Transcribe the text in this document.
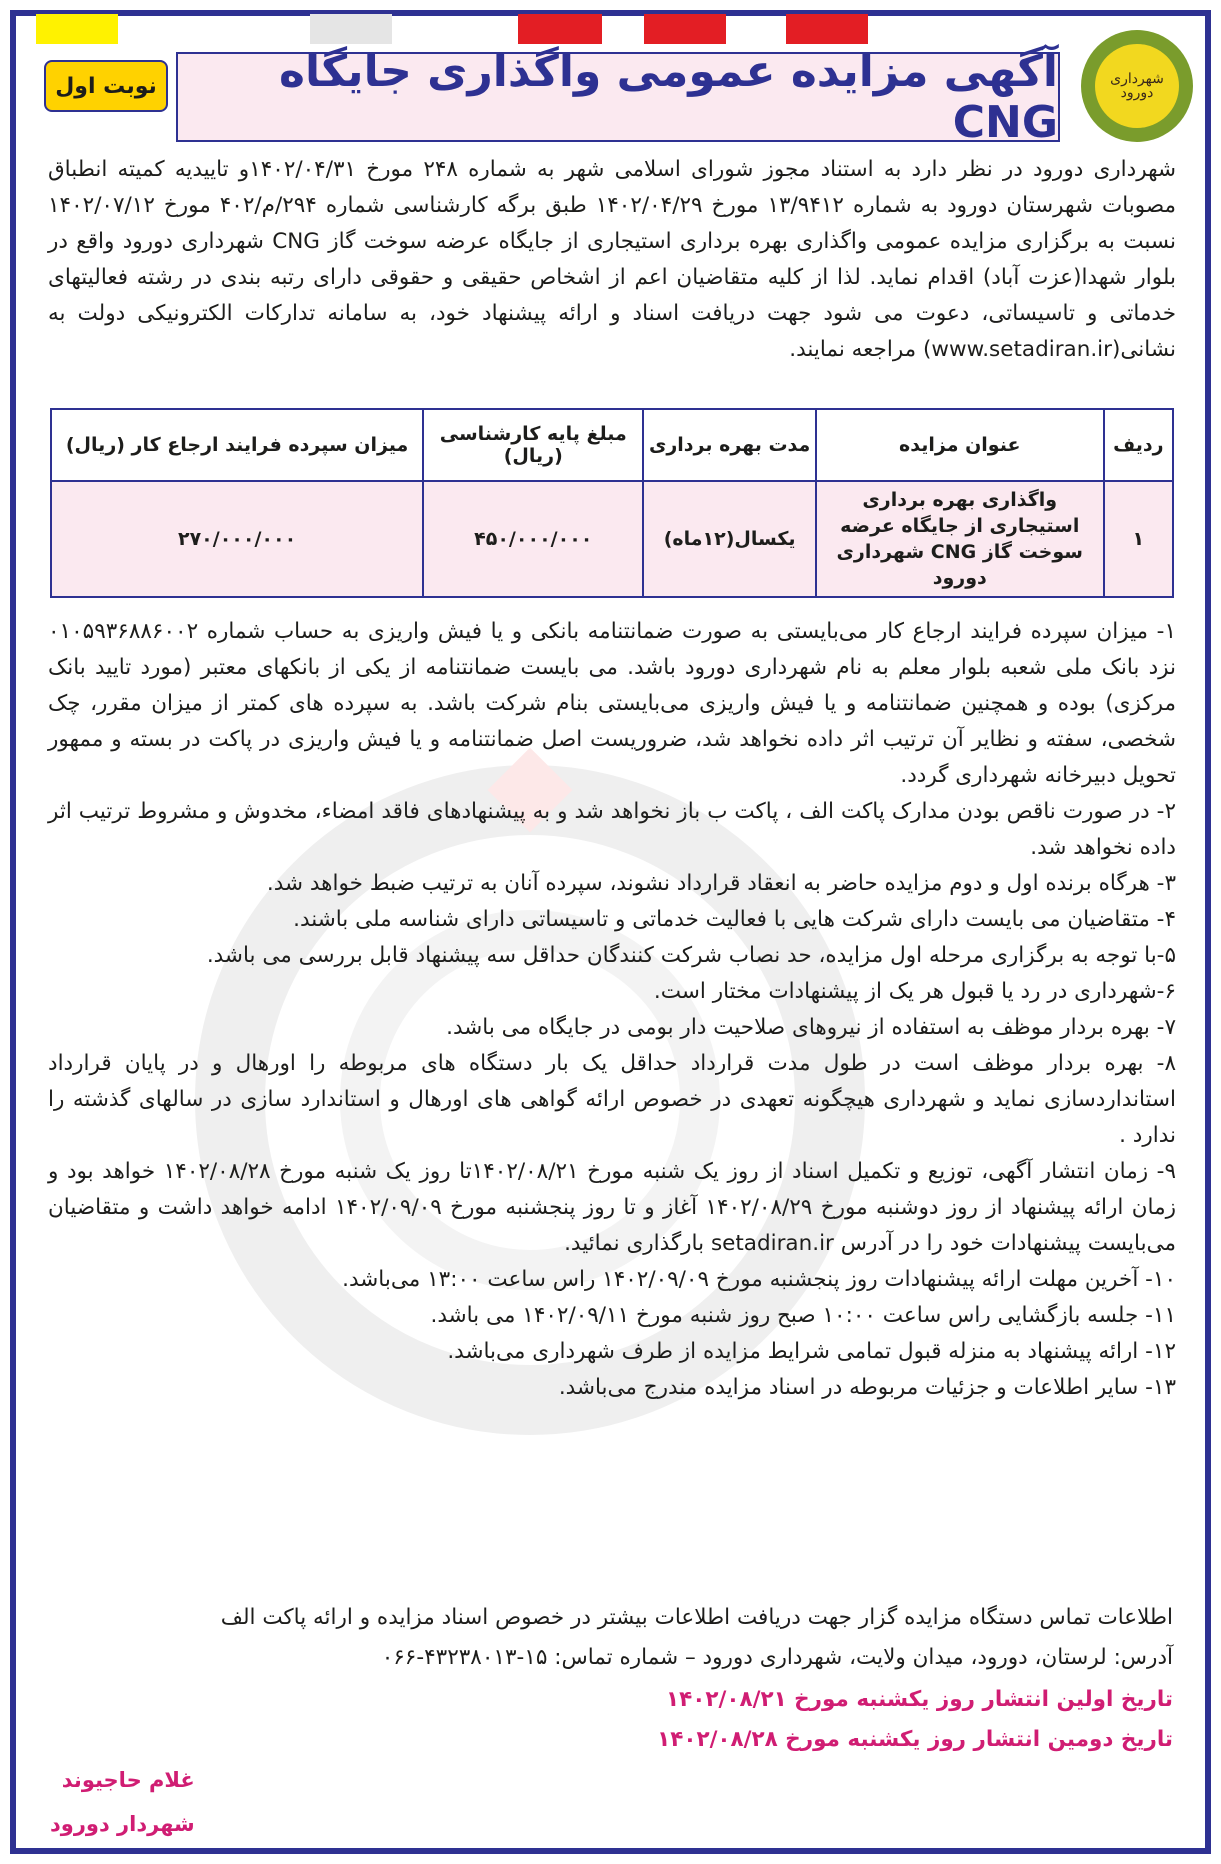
شهرداری دورود
نوبت اول	آگهی مزایده عمومی واگذاری جایگاه CNG
شهرداری دورود در نظر دارد به استناد مجوز شورای اسلامی شهر به شماره ۲۴۸ مورخ ۱۴۰۲/۰۴/۳۱و تاییدیه کمیته انطباق مصوبات شهرستان دورود به شماره ۱۳/۹۴۱۲ مورخ ۱۴۰۲/۰۴/۲۹ طبق برگه کارشناسی شماره ۲۹۴/م/۴۰۲ مورخ ۱۴۰۲/۰۷/۱۲ نسبت به برگزاری مزایده عمومی واگذاری بهره برداری استیجاری از جایگاه عرضه سوخت گاز CNG شهرداری دورود واقع در بلوار شهدا(عزت آباد) اقدام نماید. لذا از کلیه متقاضیان اعم از اشخاص حقیقی و حقوقی دارای رتبه بندی در رشته فعالیتهای خدماتی و تاسیساتی، دعوت می شود جهت دریافت اسناد و ارائه پیشنهاد خود، به سامانه تدارکات الکترونیکی دولت به نشانی(www.setadiran.ir) مراجعه نمایند.
ردیف	عنوان مزایده	مدت بهره برداری	مبلغ پایه کارشناسی (ریال)	میزان سپرده فرایند ارجاع کار (ریال)
۱	واگذاری بهره برداری استیجاری از جایگاه عرضه سوخت گاز CNG شهرداری دورود	یکسال(۱۲ماه)	۴۵۰/۰۰۰/۰۰۰	۲۷۰/۰۰۰/۰۰۰

۱- میزان سپرده فرایند ارجاع کار می‌بایستی به صورت ضمانتنامه بانکی و یا فیش واریزی به حساب شماره ۰۱۰۵۹۳۶۸۸۶۰۰۲ نزد بانک ملی شعبه بلوار معلم به نام شهرداری دورود باشد. می بایست ضمانتنامه از یکی از بانکهای معتبر (مورد تایید بانک مرکزی) بوده و همچنین ضمانتنامه و یا فیش واریزی می‌بایستی بنام شرکت باشد. به سپرده های کمتر از میزان مقرر، چک شخصی، سفته و نظایر آن ترتیب اثر داده نخواهد شد، ضروریست اصل ضمانتنامه و یا فیش واریزی در پاکت در بسته و ممهور تحویل دبیرخانه شهرداری گردد.

۲- در صورت ناقص بودن مدارک پاکت الف ، پاکت ب باز نخواهد شد و به پیشنهادهای فاقد امضاء، مخدوش و مشروط ترتیب اثر داده نخواهد شد.

۳- هرگاه برنده اول و دوم مزایده حاضر به انعقاد قرارداد نشوند، سپرده آنان به ترتیب ضبط خواهد شد.

۴- متقاضیان می بایست دارای شرکت هایی با فعالیت خدماتی و تاسیساتی دارای شناسه ملی باشند.

۵-با توجه به برگزاری مرحله اول مزایده، حد نصاب شرکت کنندگان حداقل سه پیشنهاد قابل بررسی می باشد.

۶-شهرداری در رد یا قبول هر یک از پیشنهادات مختار است.

۷- بهره بردار موظف به استفاده از نیروهای صلاحیت دار بومی در جایگاه می باشد.

۸- بهره بردار موظف است در طول مدت قرارداد حداقل یک بار دستگاه های مربوطه را اورهال و در پایان قرارداد استانداردسازی نماید و شهرداری هیچگونه تعهدی در خصوص ارائه گواهی های اورهال و استاندارد سازی در سالهای گذشته را ندارد .

۹- زمان انتشار آگهی، توزیع و تکمیل اسناد از روز یک شنبه مورخ ۱۴۰۲/۰۸/۲۱تا روز یک شنبه مورخ ۱۴۰۲/۰۸/۲۸ خواهد بود و زمان ارائه پیشنهاد از روز دوشنبه مورخ ۱۴۰۲/۰۸/۲۹ آغاز و تا روز پنجشنبه مورخ ۱۴۰۲/۰۹/۰۹ ادامه خواهد داشت و متقاضیان می‌بایست پیشنهادات خود را در آدرس setadiran.ir بارگذاری نمائید.

۱۰- آخرین مهلت ارائه پیشنهادات روز پنجشنبه مورخ ۱۴۰۲/۰۹/۰۹ راس ساعت ۱۳:۰۰ می‌باشد.

۱۱- جلسه بازگشایی راس ساعت ۱۰:۰۰ صبح روز شنبه مورخ ۱۴۰۲/۰۹/۱۱ می باشد.

۱۲- ارائه پیشنهاد به منزله قبول تمامی شرایط مزایده از طرف شهرداری می‌باشد.

۱۳- سایر اطلاعات و جزئیات مربوطه در اسناد مزایده مندرج می‌باشد.

اطلاعات تماس دستگاه مزایده گزار جهت دریافت اطلاعات بیشتر در خصوص اسناد مزایده و ارائه پاکت الف
آدرس: لرستان، دورود، میدان ولایت، شهرداری دورود – شماره تماس: ۱۵-۴۳۲۳۸۰۱۳-۰۶۶
تاریخ اولین انتشار روز یکشنبه مورخ ۱۴۰۲/۰۸/۲۱
تاریخ دومین انتشار روز یکشنبه مورخ ۱۴۰۲/۰۸/۲۸
غلام حاجیوند
شهردار دورود
